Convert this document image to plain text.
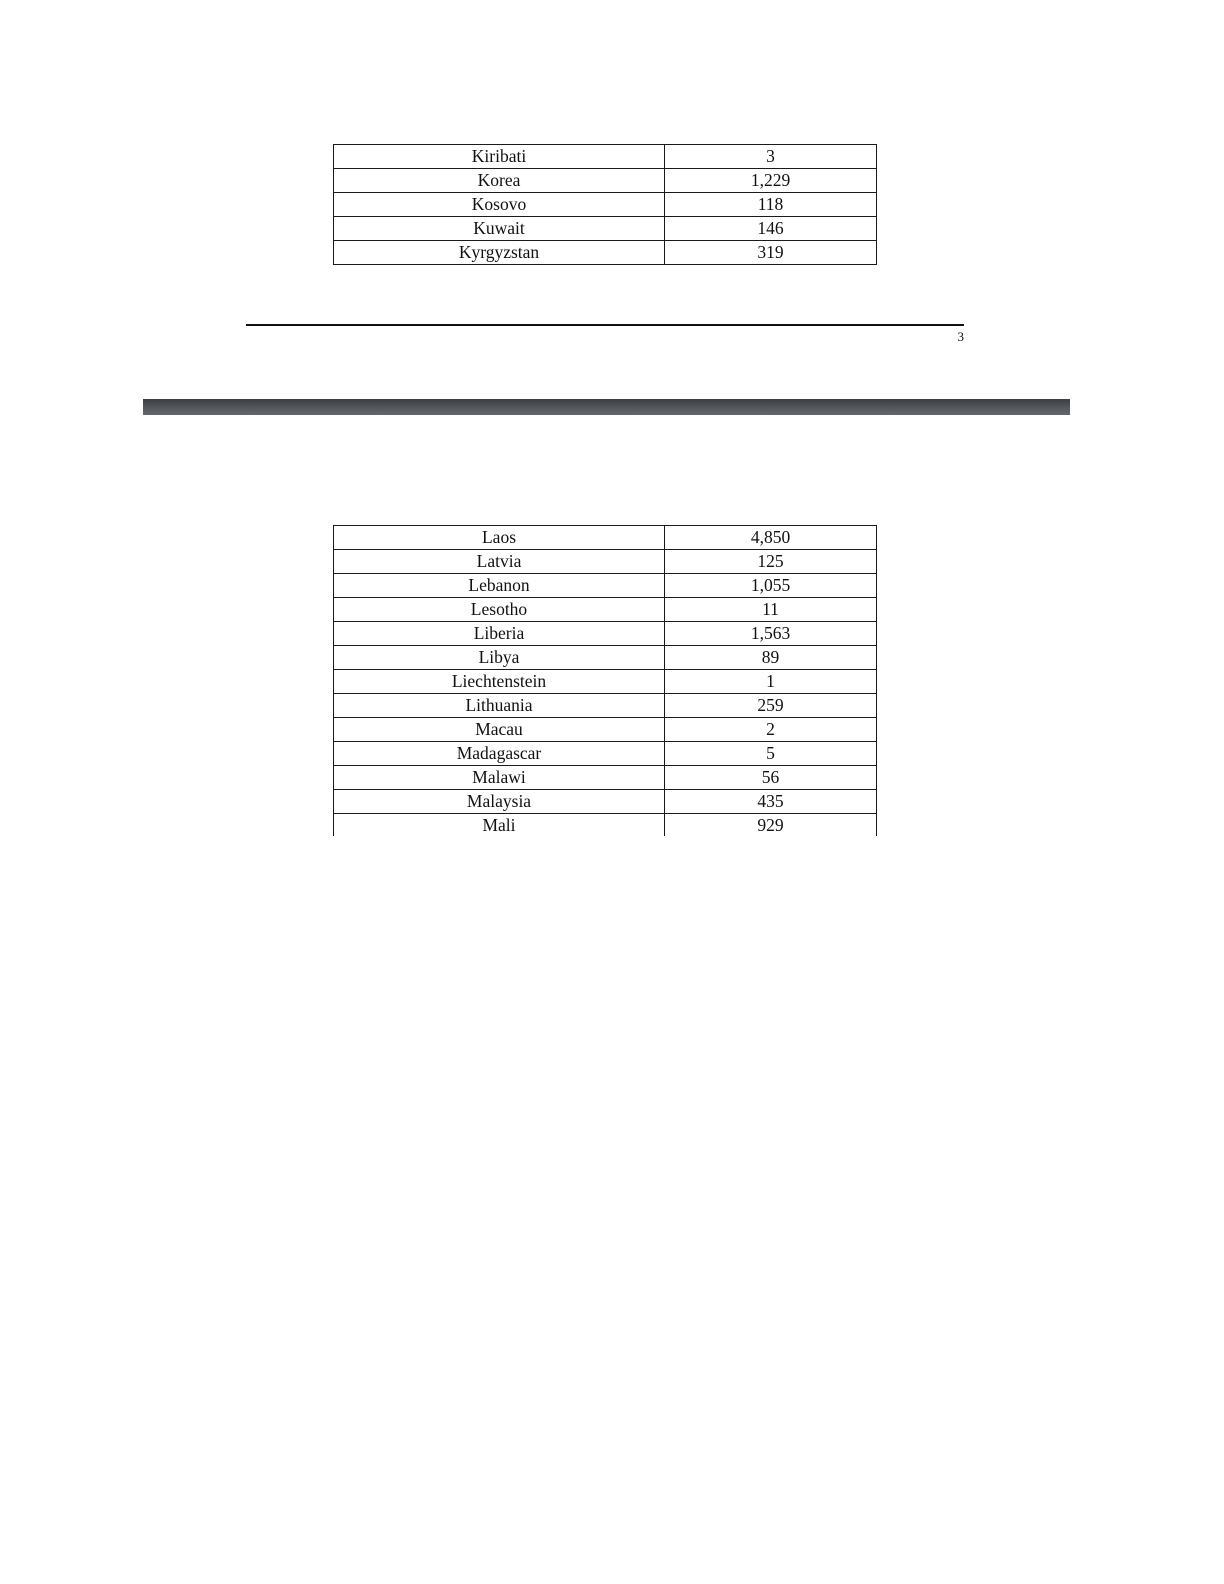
Kiribati	3
Korea	1,229
Kosovo	118
Kuwait	146
Kyrgyzstan	319
3
Laos	4,850
Latvia	125
Lebanon	1,055
Lesotho	11
Liberia	1,563
Libya	89
Liechtenstein	1
Lithuania	259
Macau	2
Madagascar	5
Malawi	56
Malaysia	435
Mali	929
